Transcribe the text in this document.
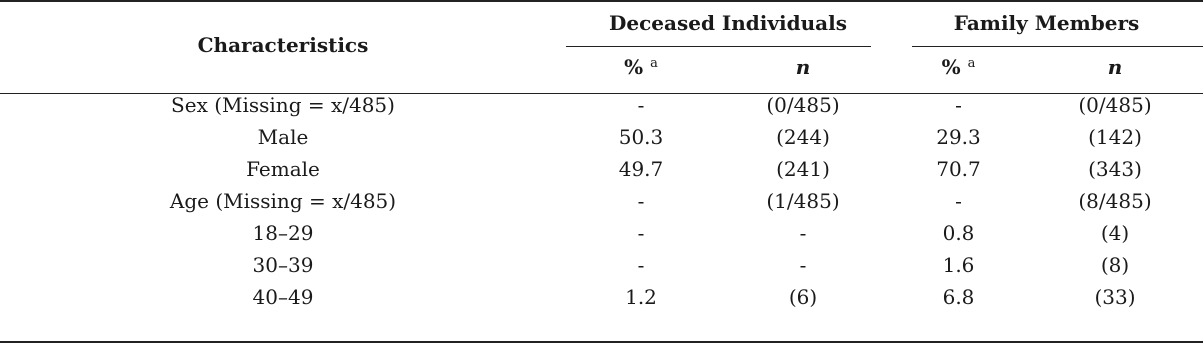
Characteristics	Deceased Individuals		Family Members	
	% $^a$	n	% $^a$	n
Sex (Missing = x/485)	-	(0/485)	-	(0/485)
Male	50.3	(244)	29.3	(142)
Female	49.7	(241)	70.7	(343)
Age (Missing = x/485)	-	(1/485)	-	(8/485)
18–29	-	-	0.8	(4)
30–39	-	-	1.6	(8)
40–49	1.2	(6)	6.8	(33)
